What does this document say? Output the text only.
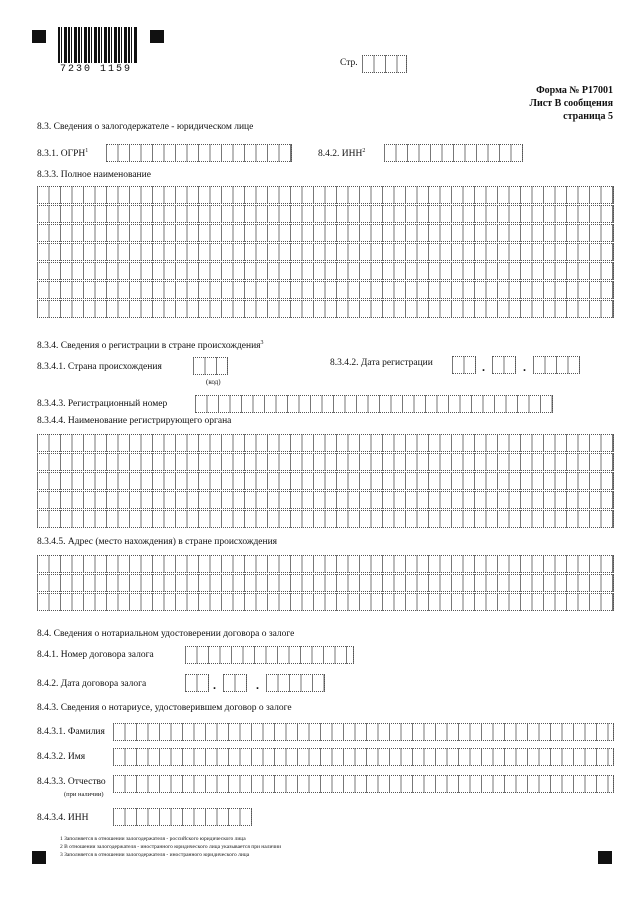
7230 1159
Стр.
Форма № Р17001
Лист В сообщения
страница 5
8.3. Сведения о залогодержателе - юридическом лице
8.3.1. ОГРН$^1$	8.4.2. ИНН$^2$
8.3.3. Полное наименование
8.3.4. Сведения о регистрации в стране происхождения$^3$
8.3.4.1. Страна происхождения
(код)
8.3.4.2. Дата регистрации	.	.
8.3.4.3. Регистрационный номер
8.3.4.4. Наименование регистрирующего органа
8.3.4.5. Адрес (место нахождения) в стране происхождения
8.4. Сведения о нотариальном удостоверении договора о залоге
8.4.1. Номер договора залога
8.4.2. Дата договора залога	.	.
8.4.3. Сведения о нотариусе, удостоверившем договор о залоге
8.4.3.1. Фамилия
8.4.3.2. Имя
8.4.3.3. Отчество
(при наличии)
8.4.3.4. ИНН
1 Заполняется в отношении залогодержателя - российского юридического лица
2 В отношении залогодержателя - иностранного юридического лица указывается при наличии
3 Заполняется в отношении залогодержателя - иностранного юридического лица
